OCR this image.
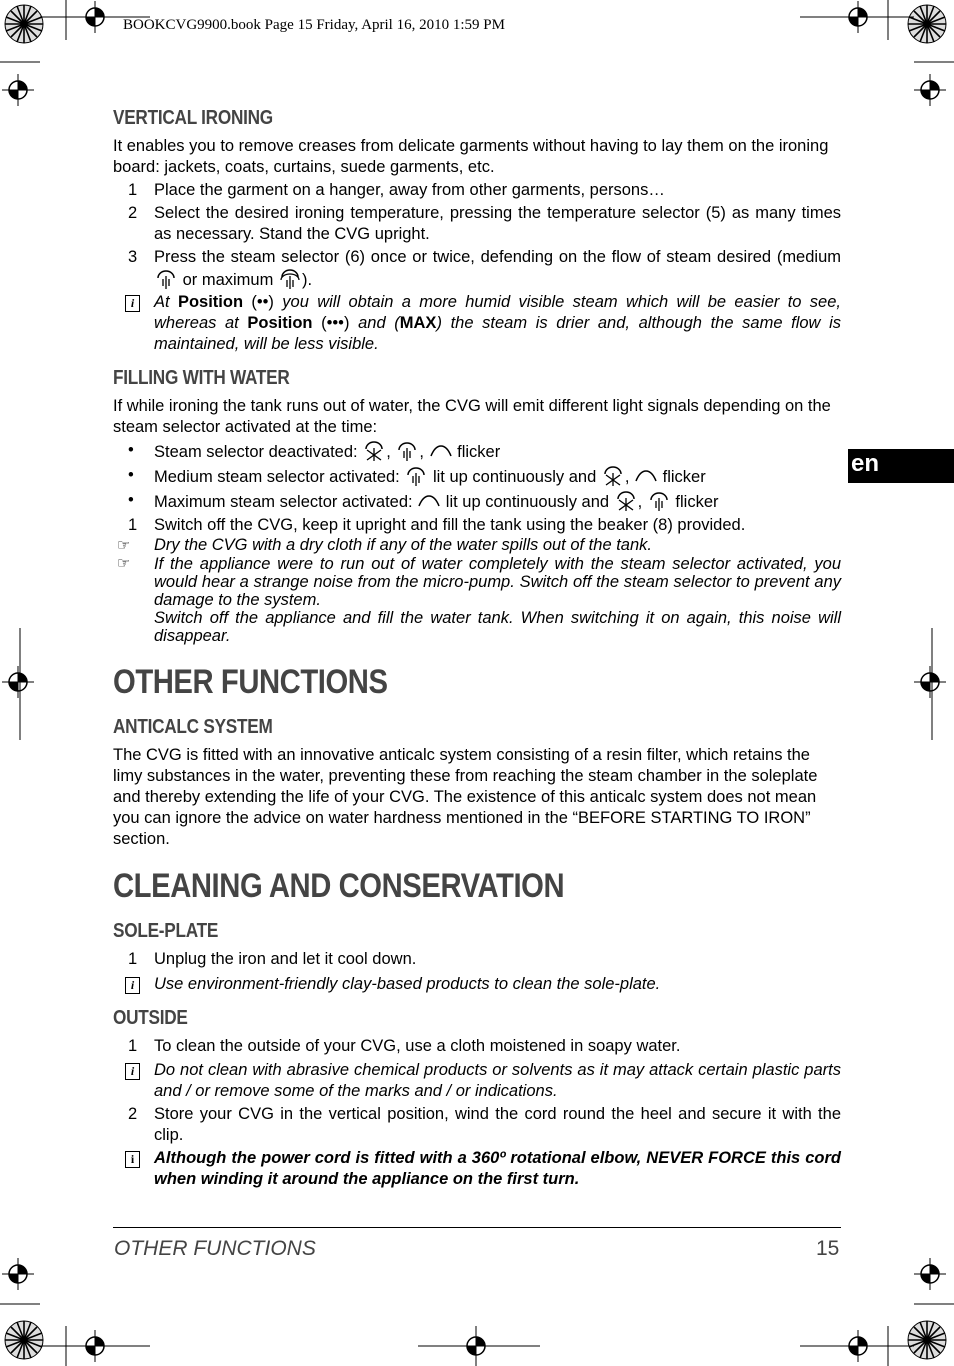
BOOKCVG9900.book Page 15 Friday, April 16, 2010 1:59 PM
en
VERTICAL IRONING

It enables you to remove creases from delicate garments without having to lay them on the ironing board: jackets, coats, curtains, suede garments, etc.

1	Place the garment on a hanger, away from other garments, persons…
2	Select the desired ironing temperature, pressing the temperature selector (5) as many times as necessary. Stand the CVG upright.
3	Press the steam selector (6) once or twice, defending on the flow of steam desired (medium  or maximum ).
i	At Position (••) you will obtain a more humid visible steam which will be easier to see, whereas at Position (•••) and (MAX) the steam is drier and, although the same flow is maintained, will be less visible.
FILLING WITH WATER

If while ironing the tank runs out of water, the CVG will emit different light signals depending on the steam selector activated at the time:

•	Steam selector deactivated: , ,  flicker
•	Medium steam selector activated: lit up continuously and ,  flicker
•	Maximum steam selector activated: lit up continuously and ,  flicker
1	Switch off the CVG, keep it upright and fill the tank using the beaker (8) provided.
☞	Dry the CVG with a dry cloth if any of the water spills out of the tank.
☞	If the appliance were to run out of water completely with the steam selector activated, you would hear a strange noise from the micro-pump. Switch off the steam selector to prevent any damage to the system.
Switch off the appliance and fill the water tank. When switching it on again, this noise will disappear.
OTHER FUNCTIONS
ANTICALC SYSTEM

The CVG is fitted with an innovative anticalc system consisting of a resin filter, which retains the limy substances in the water, preventing these from reaching the steam chamber in the soleplate and thereby extending the life of your CVG. The existence of this anticalc system does not mean you can ignore the advice on water hardness mentioned in the “BEFORE STARTING TO IRON” section.

CLEANING AND CONSERVATION
SOLE-PLATE
1	Unplug the iron and let it cool down.
i	Use environment-friendly clay-based products to clean the sole-plate.
OUTSIDE
1	To clean the outside of your CVG, use a cloth moistened in soapy water.
i	Do not clean with abrasive chemical products or solvents as it may attack certain plastic parts and / or remove some of the marks and / or indications.
2	Store your CVG in the vertical position, wind the cord round the heel and secure it with the clip.
i	Although the power cord is fitted with a 360º rotational elbow, NEVER FORCE this cord when winding it around the appliance on the first turn.
OTHER FUNCTIONS	15
